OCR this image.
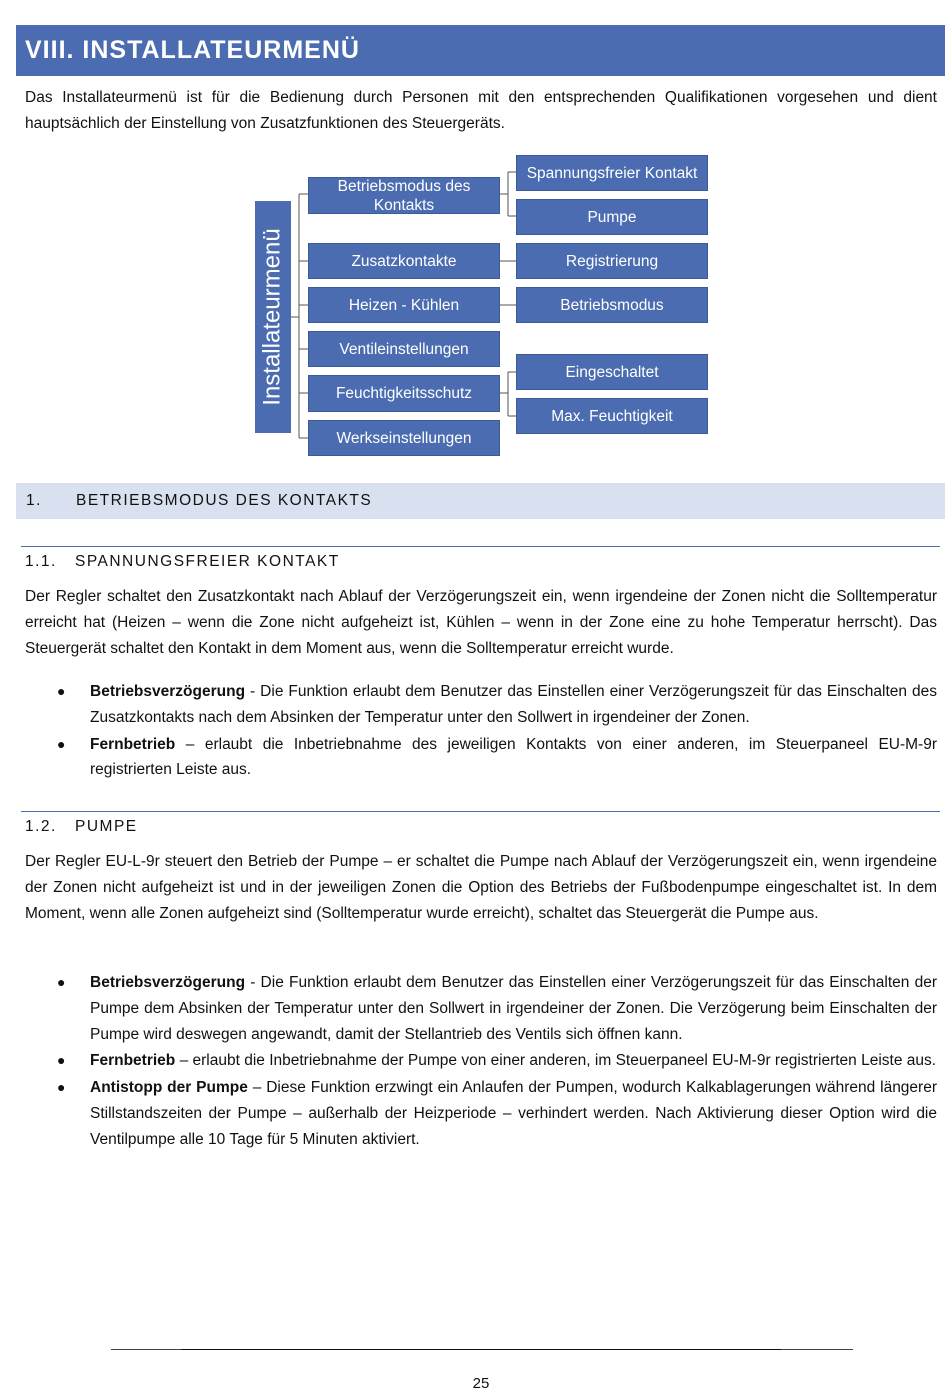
VIII. INSTALLATEURMENÜ

Das Installateurmenü ist für die Bedienung durch Personen mit den entsprechenden Qualifikationen vorgesehen und dient hauptsächlich der Einstellung von Zusatzfunktionen des Steuergeräts.

Installateurmenü
Betriebsmodus des Kontakts
Zusatzkontakte
Heizen - Kühlen
Ventileinstellungen
Feuchtigkeitsschutz
Werkseinstellungen
Spannungsfreier Kontakt
Pumpe
Registrierung
Betriebsmodus
Eingeschaltet
Max. Feuchtigkeit
1. BETRIEBSMODUS DES KONTAKTS
1.1. SPANNUNGSFREIER KONTAKT

Der Regler schaltet den Zusatzkontakt nach Ablauf der Verzögerungszeit ein, wenn irgendeine der Zonen nicht die Solltemperatur erreicht hat (Heizen – wenn die Zone nicht aufgeheizt ist, Kühlen – wenn in der Zone eine zu hohe Temperatur herrscht). Das Steuergerät schaltet den Kontakt in dem Moment aus, wenn die Solltemperatur erreicht wurde.

● Betriebsverzögerung - Die Funktion erlaubt dem Benutzer das Einstellen einer Verzögerungszeit für das Einschalten des Zusatzkontakts nach dem Absinken der Temperatur unter den Sollwert in irgendeiner der Zonen.
● Fernbetrieb – erlaubt die Inbetriebnahme des jeweiligen Kontakts von einer anderen, im Steuerpaneel EU-M-9r registrierten Leiste aus.
1.2. PUMPE

Der Regler EU-L-9r steuert den Betrieb der Pumpe – er schaltet die Pumpe nach Ablauf der Verzögerungszeit ein, wenn irgendeine der Zonen nicht aufgeheizt ist und in der jeweiligen Zonen die Option des Betriebs der Fußbodenpumpe eingeschaltet ist. In dem Moment, wenn alle Zonen aufgeheizt sind (Solltemperatur wurde erreicht), schaltet das Steuergerät die Pumpe aus.

● Betriebsverzögerung - Die Funktion erlaubt dem Benutzer das Einstellen einer Verzögerungszeit für das Einschalten der Pumpe dem Absinken der Temperatur unter den Sollwert in irgendeiner der Zonen. Die Verzögerung beim Einschalten der Pumpe wird deswegen angewandt, damit der Stellantrieb des Ventils sich öffnen kann.
● Fernbetrieb – erlaubt die Inbetriebnahme der Pumpe von einer anderen, im Steuerpaneel EU-M-9r registrierten Leiste aus.
● Antistopp der Pumpe – Diese Funktion erzwingt ein Anlaufen der Pumpen, wodurch Kalkablagerungen während längerer Stillstandszeiten der Pumpe – außerhalb der Heizperiode – verhindert werden. Nach Aktivierung dieser Option wird die Ventilpumpe alle 10 Tage für 5 Minuten aktiviert.
25
